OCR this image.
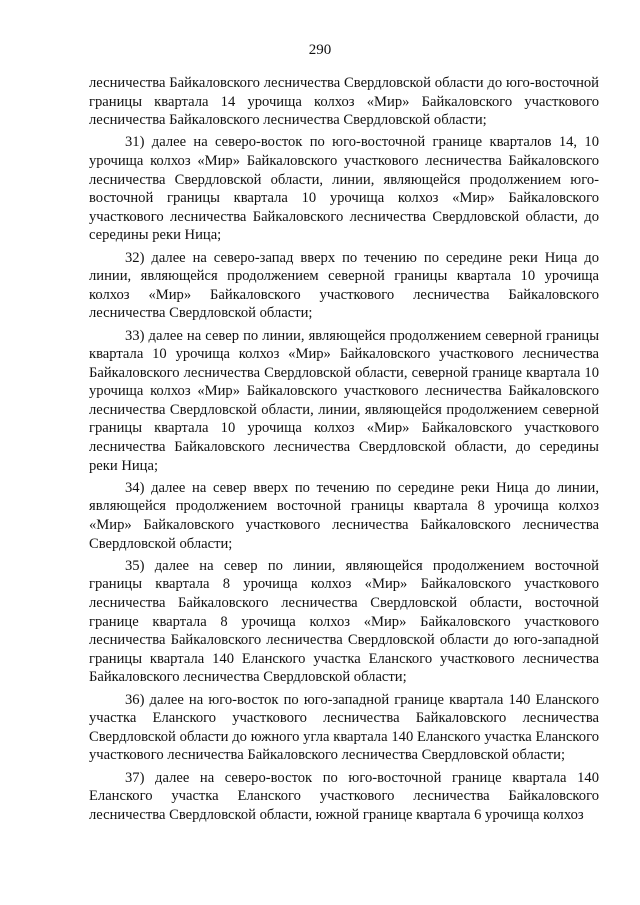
290

лесничества Байкаловского лесничества Свердловской области до юго-восточной границы квартала 14 урочища колхоз «Мир» Байкаловского участкового лесничества Байкаловского лесничества Свердловской области;

31) далее на северо-восток по юго-восточной границе кварталов 14, 10 урочища колхоз «Мир» Байкаловского участкового лесничества Байкаловского лесничества Свердловской области, линии, являющейся продолжением юго-восточной границы квартала 10 урочища колхоз «Мир» Байкаловского участкового лесничества Байкаловского лесничества Свердловской области, до середины реки Ница;

32) далее на северо-запад вверх по течению по середине реки Ница до линии, являющейся продолжением северной границы квартала 10 урочища колхоз «Мир» Байкаловского участкового лесничества Байкаловского лесничества Свердловской области;

33) далее на север по линии, являющейся продолжением северной границы квартала 10 урочища колхоз «Мир» Байкаловского участкового лесничества Байкаловского лесничества Свердловской области, северной границе квартала 10 урочища колхоз «Мир» Байкаловского участкового лесничества Байкаловского лесничества Свердловской области, линии, являющейся продолжением северной границы квартала 10 урочища колхоз «Мир» Байкаловского участкового лесничества Байкаловского лесничества Свердловской области, до середины реки Ница;

34) далее на север вверх по течению по середине реки Ница до линии, являющейся продолжением восточной границы квартала 8 урочища колхоз «Мир» Байкаловского участкового лесничества Байкаловского лесничества Свердловской области;

35) далее на север по линии, являющейся продолжением восточной границы квартала 8 урочища колхоз «Мир» Байкаловского участкового лесничества Байкаловского лесничества Свердловской области, восточной границе квартала 8 урочища колхоз «Мир» Байкаловского участкового лесничества Байкаловского лесничества Свердловской области до юго-западной границы квартала 140 Еланского участка Еланского участкового лесничества Байкаловского лесничества Свердловской области;

36) далее на юго-восток по юго-западной границе квартала 140 Еланского участка Еланского участкового лесничества Байкаловского лесничества Свердловской области до южного угла квартала 140 Еланского участка Еланского участкового лесничества Байкаловского лесничества Свердловской области;

37) далее на северо-восток по юго-восточной границе квартала 140 Еланского участка Еланского участкового лесничества Байкаловского лесничества Свердловской области, южной границе квартала 6 урочища колхоз
